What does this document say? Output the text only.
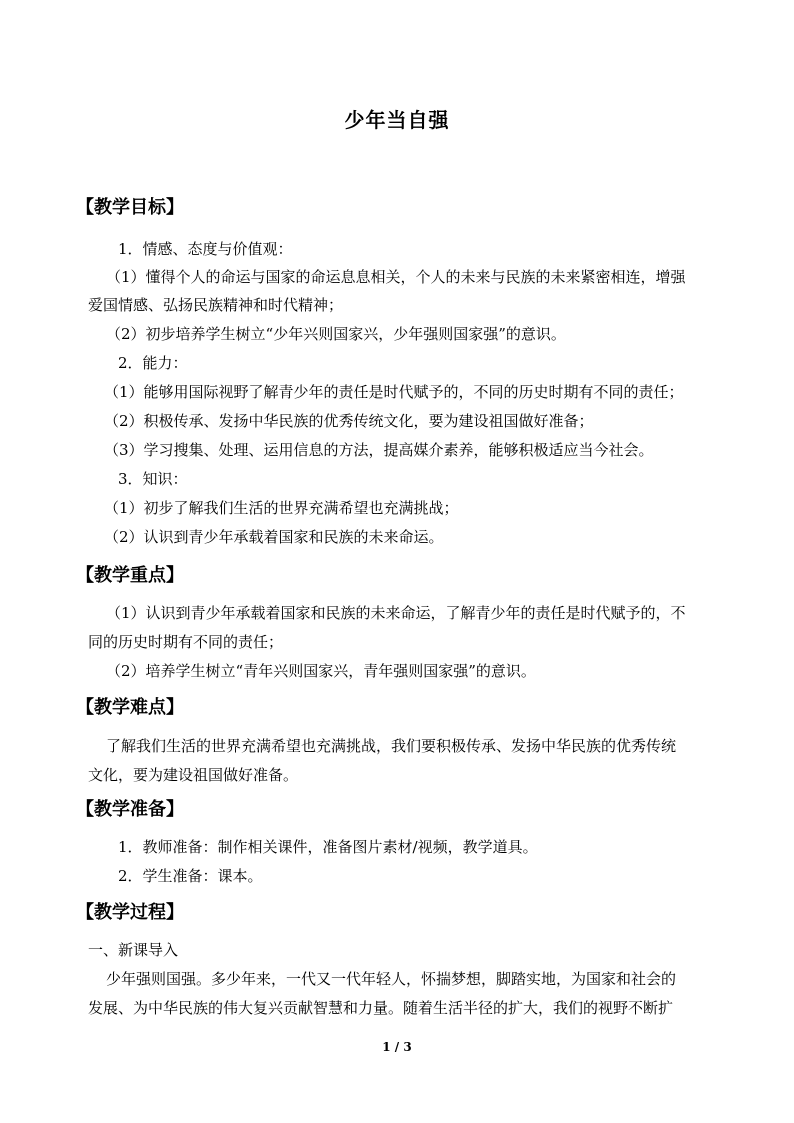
少年当自强
【教学目标】
1．情感、态度与价值观：
（1）懂得个人的命运与国家的命运息息相关，个人的未来与民族的未来紧密相连，增强
爱国情感、弘扬民族精神和时代精神；
（2）初步培养学生树立“少年兴则国家兴，少年强则国家强”的意识。
2．能力：
（1）能够用国际视野了解青少年的责任是时代赋予的，不同的历史时期有不同的责任；
（2）积极传承、发扬中华民族的优秀传统文化，要为建设祖国做好准备；
（3）学习搜集、处理、运用信息的方法，提高媒介素养，能够积极适应当今社会。
3．知识：
（1）初步了解我们生活的世界充满希望也充满挑战；
（2）认识到青少年承载着国家和民族的未来命运。
【教学重点】
（1）认识到青少年承载着国家和民族的未来命运，了解青少年的责任是时代赋予的，不
同的历史时期有不同的责任；
（2）培养学生树立“青年兴则国家兴，青年强则国家强”的意识。
【教学难点】
了解我们生活的世界充满希望也充满挑战，我们要积极传承、发扬中华民族的优秀传统
文化，要为建设祖国做好准备。
【教学准备】
1．教师准备：制作相关课件，准备图片素材/视频，教学道具。
2．学生准备：课本。
【教学过程】
一、新课导入
少年强则国强。多少年来，一代又一代年轻人，怀揣梦想，脚踏实地，为国家和社会的
发展、为中华民族的伟大复兴贡献智慧和力量。随着生活半径的扩大，我们的视野不断扩
1 / 3
